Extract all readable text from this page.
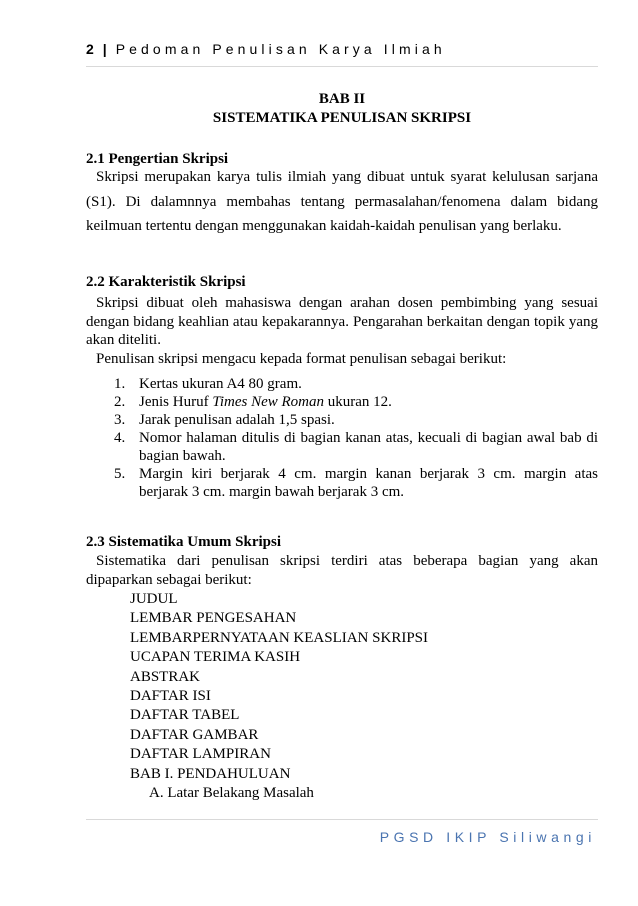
2 | Pedoman Penulisan Karya Ilmiah
BAB II
SISTEMATIKA PENULISAN SKRIPSI
2.1 Pengertian Skripsi

Skripsi merupakan karya tulis ilmiah yang dibuat untuk syarat kelulusan sarjana (S1). Di dalamnnya membahas tentang permasalahan/fenomena dalam bidang keilmuan tertentu dengan menggunakan kaidah-kaidah penulisan yang berlaku.

2.2 Karakteristik Skripsi

Skripsi dibuat oleh mahasiswa dengan arahan dosen pembimbing yang sesuai dengan bidang keahlian atau kepakarannya. Pengarahan berkaitan dengan topik yang akan diteliti.

Penulisan skripsi mengacu kepada format penulisan sebagai berikut:

1. Kertas ukuran A4 80 gram.
2. Jenis Huruf Times New Roman ukuran 12.
3. Jarak penulisan adalah 1,5 spasi.
4. Nomor halaman ditulis di bagian kanan atas, kecuali di bagian awal bab di bagian bawah.
5. Margin kiri berjarak 4 cm. margin kanan berjarak 3 cm. margin atas berjarak 3 cm. margin bawah berjarak 3 cm.
2.3 Sistematika Umum Skripsi

Sistematika dari penulisan skripsi terdiri atas beberapa bagian yang akan dipaparkan sebagai berikut:

JUDUL
LEMBAR PENGESAHAN
LEMBARPERNYATAAN KEASLIAN SKRIPSI
UCAPAN TERIMA KASIH
ABSTRAK
DAFTAR ISI
DAFTAR TABEL
DAFTAR GAMBAR
DAFTAR LAMPIRAN
BAB I. PENDAHULUAN
A. Latar Belakang Masalah
PGSD IKIP Siliwangi
